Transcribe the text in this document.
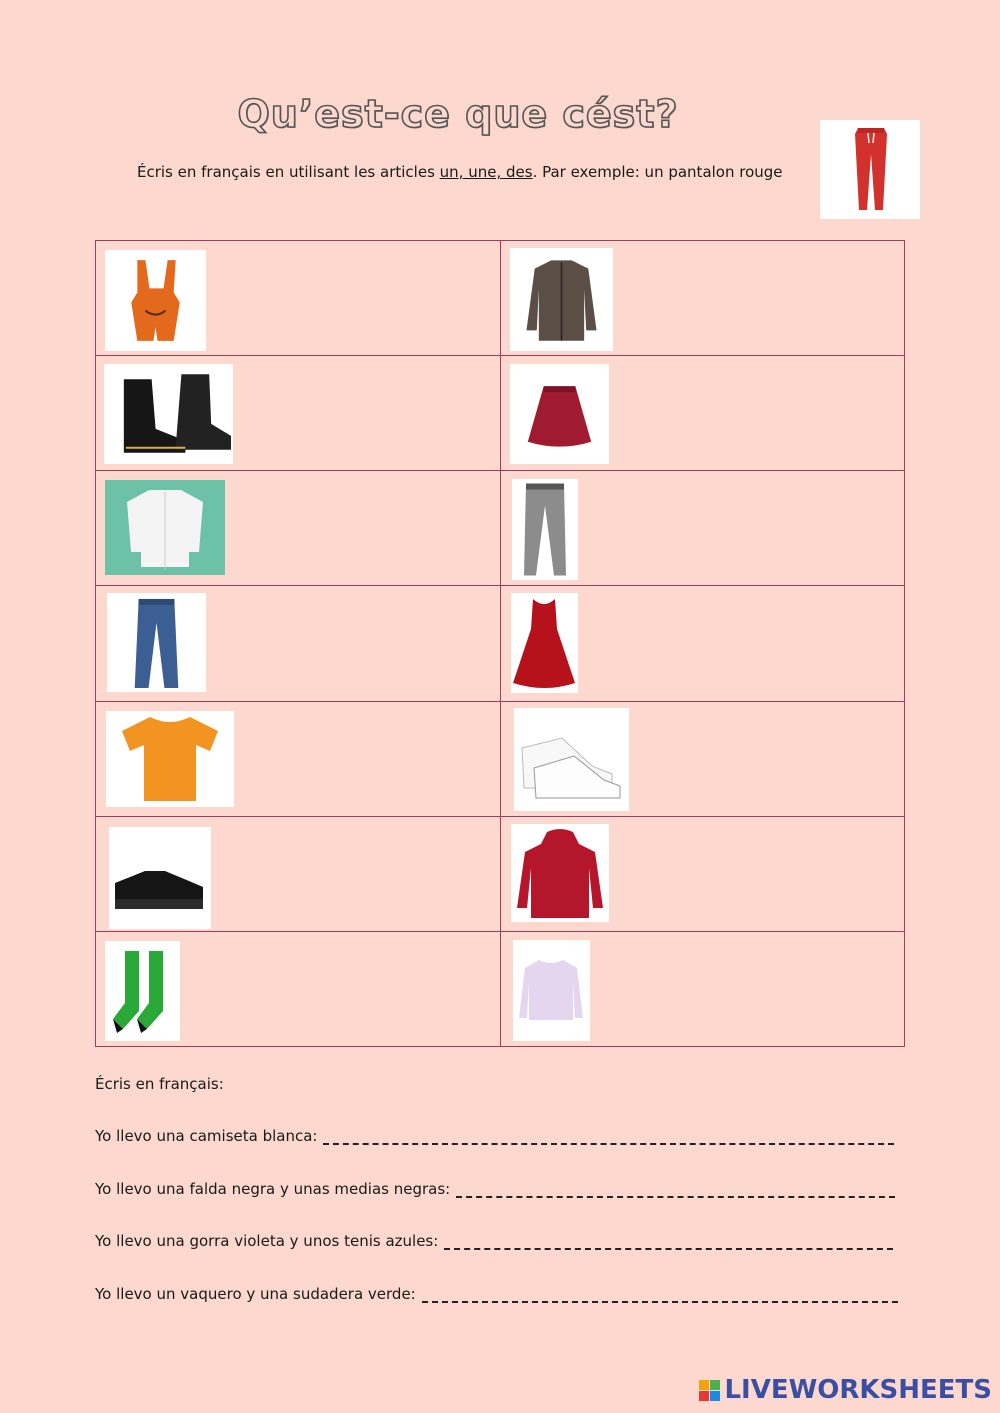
Qu’est-ce que cést?
Écris en français en utilisant les articles un, une, des. Par exemple: un pantalon rouge

Écris en français:
Yo llevo una camiseta blanca:
Yo llevo una falda negra y unas medias negras:
Yo llevo una gorra violeta y unos tenis azules:
Yo llevo un vaquero y una sudadera verde:
LIVEWORKSHEETS
